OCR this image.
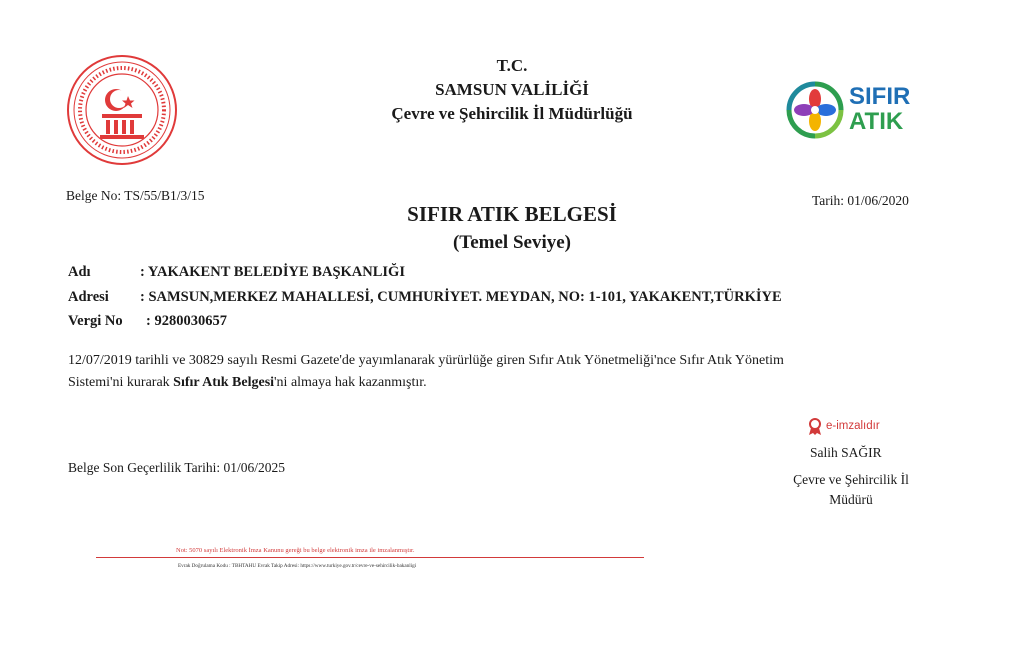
T.C.
SAMSUN VALİLİĞİ
Çevre ve Şehircilik İl Müdürlüğü
SIFIR
ATIK
Belge No: TS/55/B1/3/15	Tarih: 01/06/2020
SIFIR ATIK BELGESİ
(Temel Seviye)
Adı	: YAKAKENT BELEDİYE BAŞKANLIĞI
Adresi : SAMSUN,MERKEZ MAHALLESİ, CUMHURİYET. MEYDAN, NO: 1-101, YAKAKENT,TÜRKİYE
Vergi No : 9280030657
12/07/2019 tarihli ve 30829 sayılı Resmi Gazete'de yayımlanarak yürürlüğe giren Sıfır Atık Yönetmeliği'nce Sıfır Atık Yönetim
Sistemi'ni kurarak Sıfır Atık Belgesi'ni almaya hak kazanmıştır.
e-imzalıdır
Salih SAĞIR
Çevre ve Şehircilik İl
Müdürü
Belge Son Geçerlilik Tarihi: 01/06/2025
Not: 5070 sayılı Elektronik İmza Kanunu gereği bu belge elektronik imza ile imzalanmıştır.
Evrak Doğrulama Kodu : TBHTAHU Evrak Takip Adresi: https://www.turkiye.gov.tr/cevre-ve-sehircilik-bakanligi
